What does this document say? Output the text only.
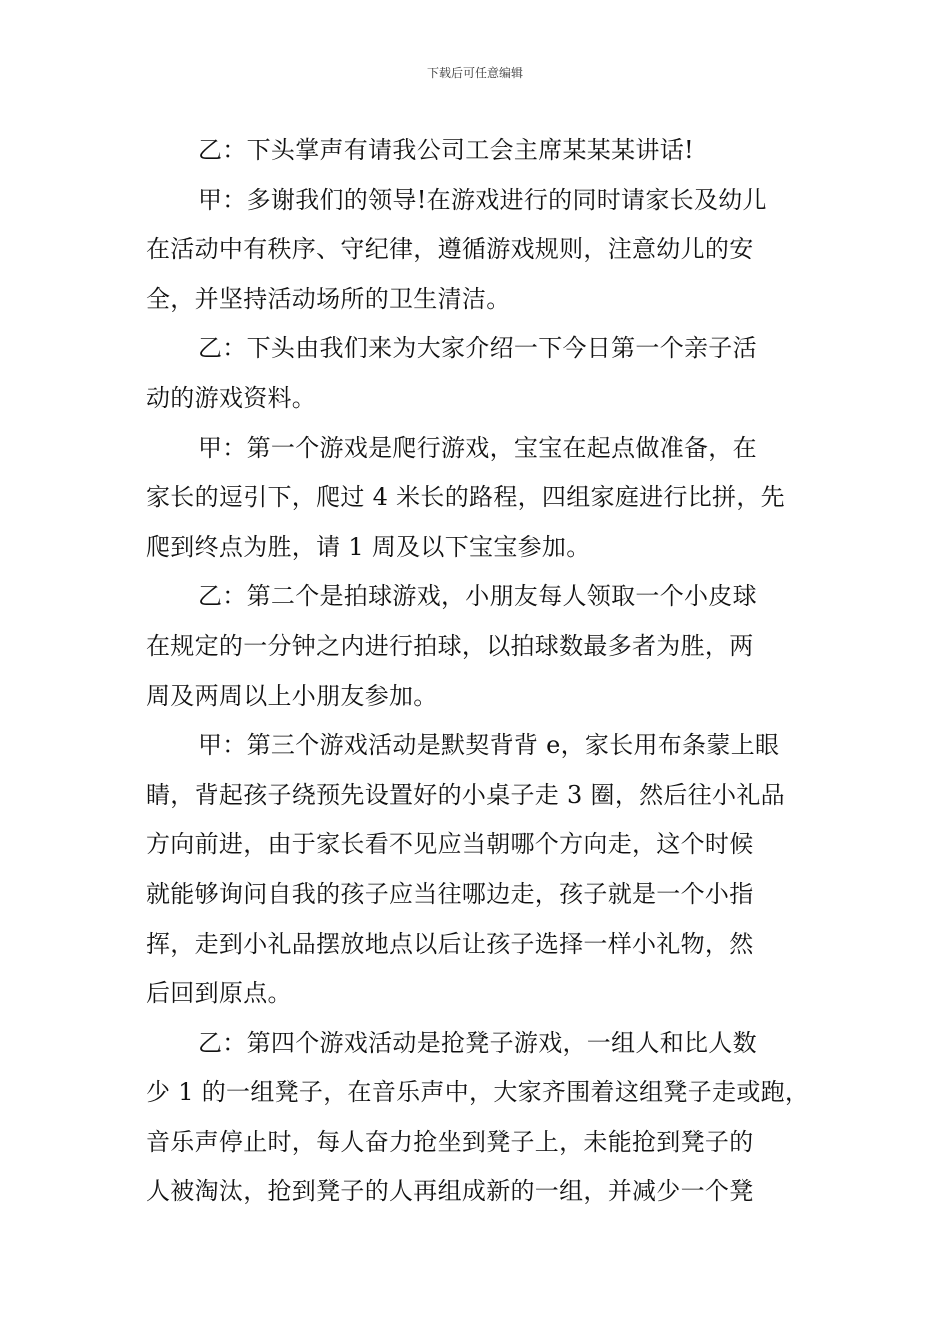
下载后可任意编辑
乙：下头掌声有请我公司工会主席某某某讲话!
甲：多谢我们的领导!在游戏进行的同时请家长及幼儿
在活动中有秩序、守纪律，遵循游戏规则，注意幼儿的安
全，并坚持活动场所的卫生清洁。
乙：下头由我们来为大家介绍一下今日第一个亲子活
动的游戏资料。
甲：第一个游戏是爬行游戏，宝宝在起点做准备，在
家长的逗引下，爬过 4 米长的路程，四组家庭进行比拼，先
爬到终点为胜，请 1 周及以下宝宝参加。
乙：第二个是拍球游戏，小朋友每人领取一个小皮球
在规定的一分钟之内进行拍球，以拍球数最多者为胜，两
周及两周以上小朋友参加。
甲：第三个游戏活动是默契背背 e，家长用布条蒙上眼
睛，背起孩子绕预先设置好的小桌子走 3 圈，然后往小礼品
方向前进，由于家长看不见应当朝哪个方向走，这个时候
就能够询问自我的孩子应当往哪边走，孩子就是一个小指
挥，走到小礼品摆放地点以后让孩子选择一样小礼物，然
后回到原点。
乙：第四个游戏活动是抢凳子游戏，一组人和比人数
少 1 的一组凳子，在音乐声中，大家齐围着这组凳子走或跑，
音乐声停止时，每人奋力抢坐到凳子上，未能抢到凳子的
人被淘汰，抢到凳子的人再组成新的一组，并减少一个凳
